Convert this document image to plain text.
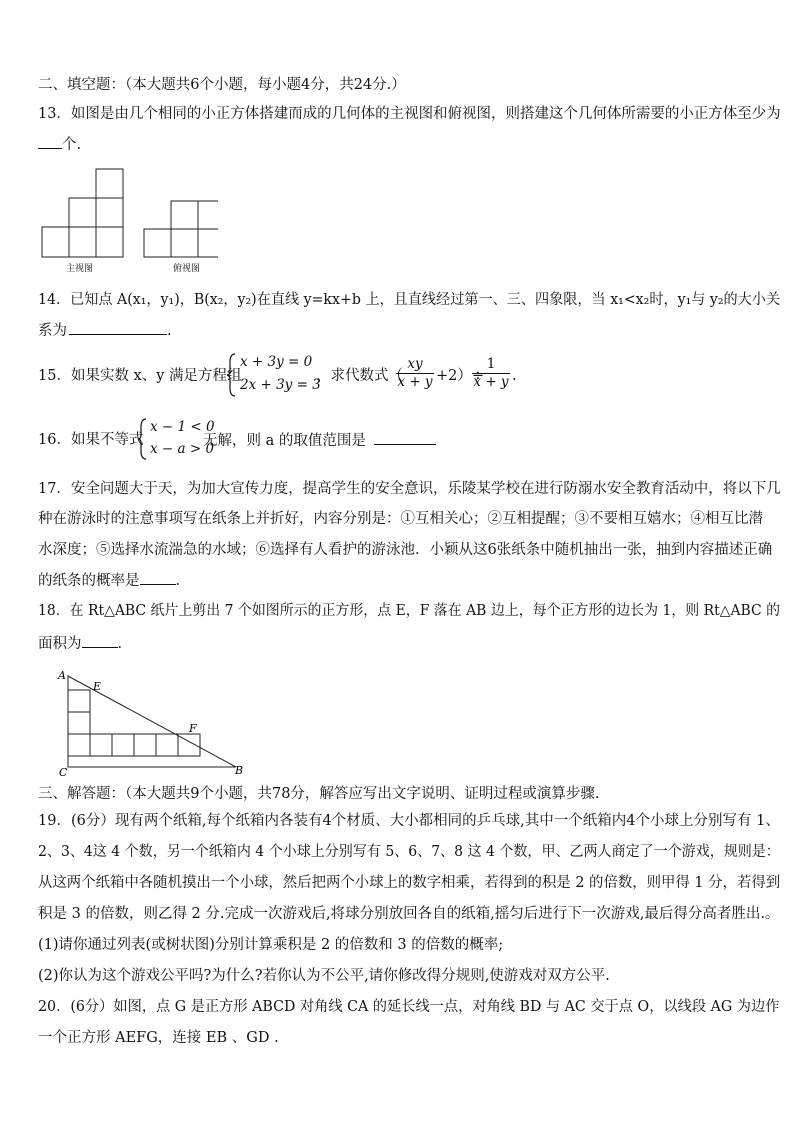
二、填空题：（本大题共6个小题，每小题4分，共24分.）
13．如图是由几个相同的小正方体搭建而成的几何体的主视图和俯视图，则搭建这个几何体所需要的小正方体至少为
个.
主视图	俯视图
14．已知点 A(x₁，y₁)，B(x₂，y₂)在直线 y=kx+b 上，且直线经过第一、三、四象限，当 x₁<x₂时，y₁与 y₂的大小关
系为	.
15．如果实数 x、y 满足方程组
x + 3y = 0
2x + 3y = 3
，求代数式（
$\frac{xy}{x + y} +2)\div$
$\frac{1}{x + y}$ .
16．如果不等式
x − 1 < 0
x − a > 0
无解，则 a 的取值范围是
17．安全问题大于天，为加大宣传力度，提高学生的安全意识，乐陵某学校在进行防溺水安全教育活动中，将以下几
种在游泳时的注意事项写在纸条上并折好，内容分别是：①互相关心；②互相提醒；③不要相互嬉水；④相互比潜
水深度；⑤选择水流湍急的水域；⑥选择有人看护的游泳池．小颖从这6张纸条中随机抽出一张，抽到内容描述正确
的纸条的概率是 ．
18．在 Rt△ABC 纸片上剪出 7 个如图所示的正方形，点 E，F 落在 AB 边上，每个正方形的边长为 1，则 Rt△ABC 的
面积为 ．
A
E
F
C	B
三、解答题：（本大题共9个小题，共78分，解答应写出文字说明、证明过程或演算步骤.
19．(6分）现有两个纸箱,每个纸箱内各装有4个材质、大小都相同的乒乓球,其中一个纸箱内4个小球上分别写有 1、
2、3、4这 4 个数，另一个纸箱内 4 个小球上分别写有 5、6、7、8 这 4 个数，甲、乙两人商定了一个游戏，规则是：
从这两个纸箱中各随机摸出一个小球，然后把两个小球上的数字相乘，若得到的积是 2 的倍数，则甲得 1 分，若得到
积是 3 的倍数，则乙得 2 分.完成一次游戏后,将球分别放回各自的纸箱,摇匀后进行下一次游戏,最后得分高者胜出.。
(1)请你通过列表(或树状图)分别计算乘积是 2 的倍数和 3 的倍数的概率;
(2)你认为这个游戏公平吗?为什么?若你认为不公平,请你修改得分规则,使游戏对双方公平.
20．(6分）如图，点 G 是正方形 ABCD 对角线 CA 的延长线一点，对角线 BD 与 AC 交于点 O，以线段 AG 为边作
一个正方形 AEFG，连接 EB 、GD .
